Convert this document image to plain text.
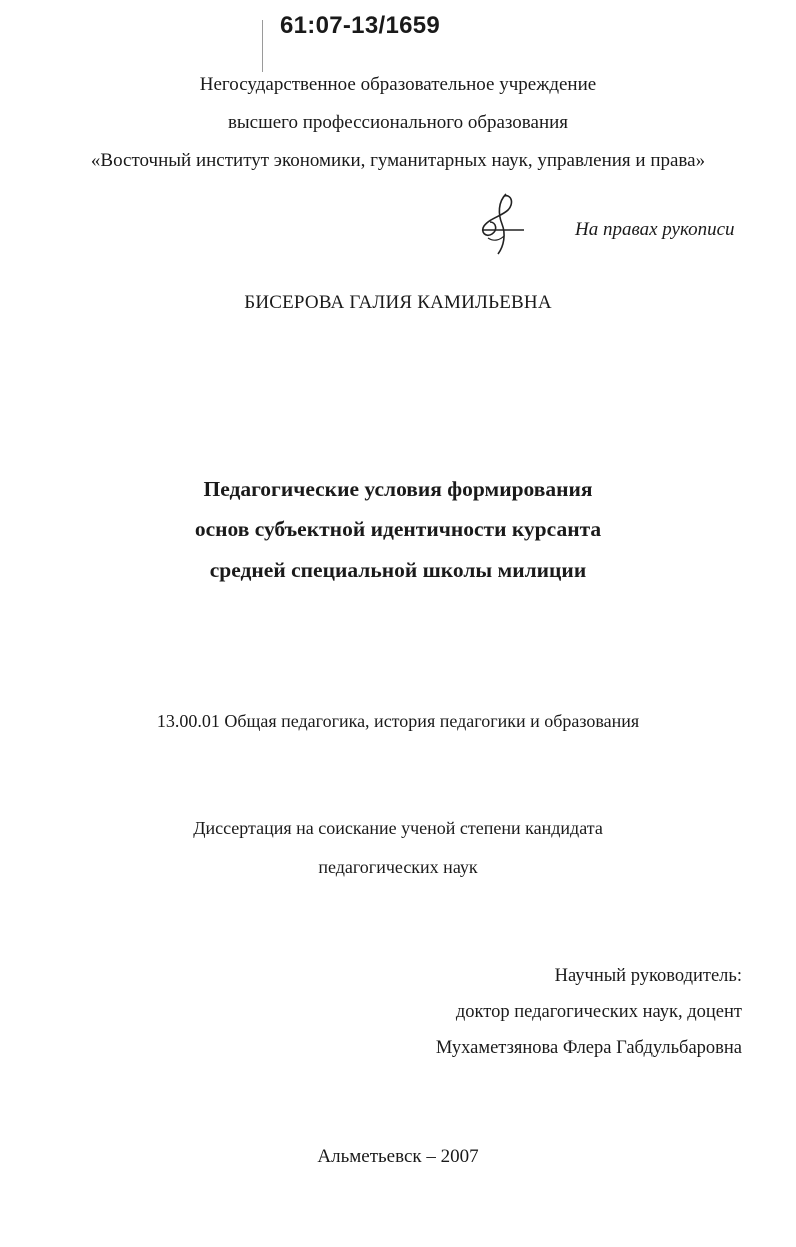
61:07-13/1659
Негосударственное образовательное учреждение
высшего профессионального образования
«Восточный институт экономики, гуманитарных наук, управления и права»
На правах рукописи
БИСЕРОВА ГАЛИЯ КАМИЛЬЕВНА
Педагогические условия формирования
основ субъектной идентичности курсанта
средней специальной школы милиции
13.00.01 Общая педагогика, история педагогики и образования
Диссертация на соискание ученой степени кандидата
педагогических наук
Научный руководитель:
доктор педагогических наук, доцент
Мухаметзянова Флера Габдульбаровна
Альметьевск – 2007
